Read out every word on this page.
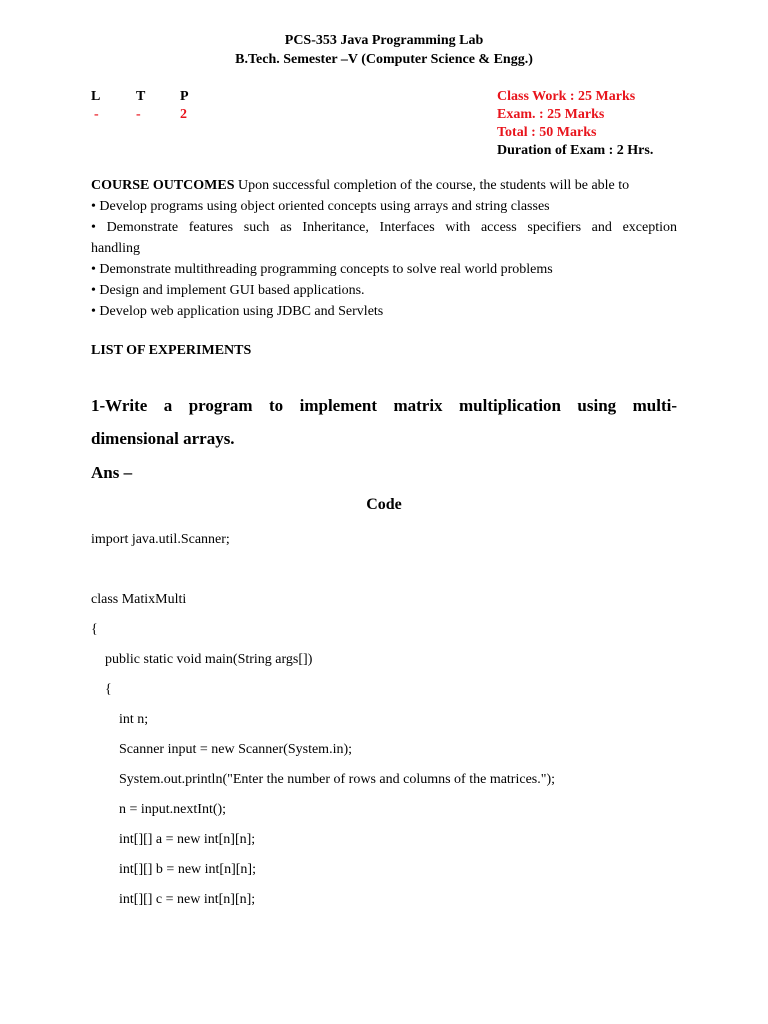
PCS-353 Java Programming Lab
B.Tech. Semester –V (Computer Science & Engg.)
L	T P
-	-	2
Class Work : 25 Marks
Exam. : 25 Marks
Total : 50 Marks
Duration of Exam : 2 Hrs.
COURSE OUTCOMES Upon successful completion of the course, the students will be able to
• Develop programs using object oriented concepts using arrays and string classes
• Demonstrate features such as Inheritance, Interfaces with access specifiers and exception
handling
• Demonstrate multithreading programming concepts to solve real world problems
• Design and implement GUI based applications.
• Develop web application using JDBC and Servlets
LIST OF EXPERIMENTS
1-Write a program to implement matrix multiplication using multi-
dimensional arrays.
Ans –
Code
import java.util.Scanner;
class MatixMulti
{
public static void main(String args[])
{
int n;
Scanner input = new Scanner(System.in);
System.out.println("Enter the number of rows and columns of the matrices.");
n = input.nextInt();
int[][] a = new int[n][n];
int[][] b = new int[n][n];
int[][] c = new int[n][n];
